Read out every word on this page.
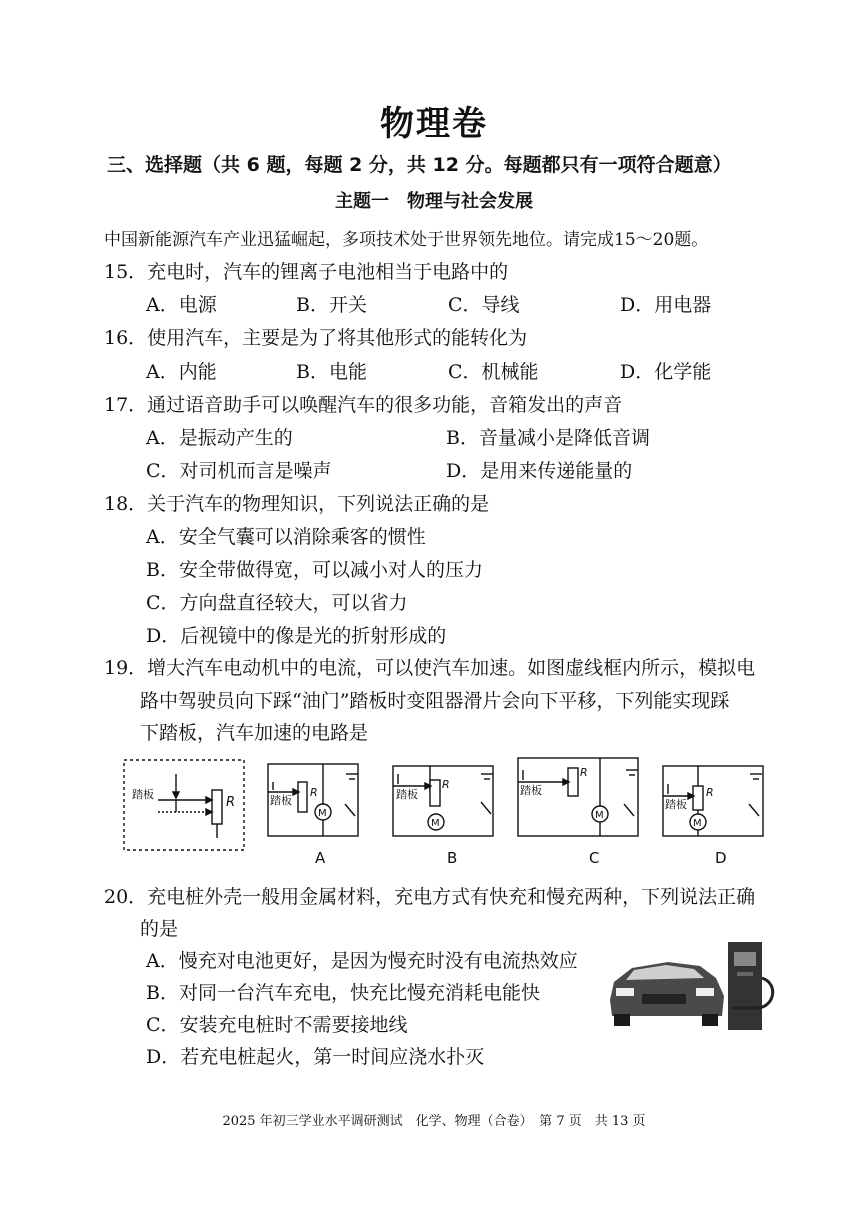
物理卷
三、选择题（共 6 题，每题 2 分，共 12 分。每题都只有一项符合题意）
主题一　物理与社会发展
中国新能源汽车产业迅猛崛起，多项技术处于世界领先地位。请完成15～20题。
15．充电时，汽车的锂离子电池相当于电路中的
A．电源	B．开关	C．导线	D．用电器
16．使用汽车，主要是为了将其他形式的能转化为
A．内能	B．电能	C．机械能	D．化学能
17．通过语音助手可以唤醒汽车的很多功能，音箱发出的声音
A．是振动产生的	B．音量减小是降低音调
C．对司机而言是噪声	D．是用来传递能量的
18．关于汽车的物理知识，下列说法正确的是
A．安全气囊可以消除乘客的惯性
B．安全带做得宽，可以减小对人的压力
C．方向盘直径较大，可以省力
D．后视镜中的像是光的折射形成的
19．增大汽车电动机中的电流，可以使汽车加速。如图虚线框内所示，模拟电
路中驾驶员向下踩“油门”踏板时变阻器滑片会向下平移，下列能实现踩
下踏板，汽车加速的电路是
踏板
R	踏板
R
M
踏板
R
M
踏板
R
M
踏板
R
M
A	B	C	D
20．充电桩外壳一般用金属材料，充电方式有快充和慢充两种，下列说法正确
的是
A．慢充对电池更好，是因为慢充时没有电流热效应
B．对同一台汽车充电，快充比慢充消耗电能快
C．安装充电桩时不需要接地线
D．若充电桩起火，第一时间应浇水扑灭
2025 年初三学业水平调研测试　化学、物理（合卷）　第 7 页　共 13 页
